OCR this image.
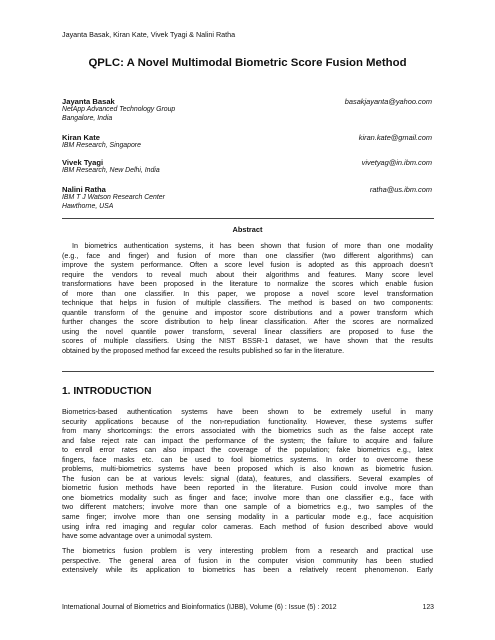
Jayanta Basak, Kiran Kate, Vivek Tyagi & Nalini Ratha
QPLC: A Novel Multimodal Biometric Score Fusion Method
Jayanta Basak	basakjayanta@yahoo.com
NetApp Advanced Technology Group
Bangalore, India
Kiran Kate	kiran.kate@gmail.com
IBM Research, Singapore
Vivek Tyagi	vivetyag@in.ibm.com
IBM Research, New Delhi, India
Nalini Ratha	ratha@us.ibm.com
IBM T J Watson Research Center
Hawthorne, USA
Abstract
In biometrics authentication systems, it has been shown that fusion of more than one modality
(e.g., face and finger) and fusion of more than one classifier (two different algorithms) can
improve the system performance. Often a score level fusion is adopted as this approach doesn’t
require the vendors to reveal much about their algorithms and features. Many score level
transformations have been proposed in the literature to normalize the scores which enable fusion
of more than one classifier. In this paper, we propose a novel score level transformation
technique that helps in fusion of multiple classifiers. The method is based on two components:
quantile transform of the genuine and impostor score distributions and a power transform which
further changes the score distribution to help linear classification. After the scores are normalized
using the novel quantile power transform, several linear classifiers are proposed to fuse the
scores of multiple classifiers. Using the NIST BSSR-1 dataset, we have shown that the results
obtained by the proposed method far exceed the results published so far in the literature.
1. INTRODUCTION
Biometrics-based authentication systems have been shown to be extremely useful in many
security applications because of the non-repudiation functionality. However, these systems suffer
from many shortcomings: the errors associated with the biometrics such as the false accept rate
and false reject rate can impact the performance of the system; the failure to acquire and failure
to enroll error rates can also impact the coverage of the population; fake biometrics e.g., latex
fingers, face masks etc. can be used to fool biometrics systems. In order to overcome these
problems, multi-biometrics systems have been proposed which is also known as biometric fusion.
The fusion can be at various levels: signal (data), features, and classifiers. Several examples of
biometric fusion methods have been reported in the literature. Fusion could involve more than
one biometrics modality such as finger and face; involve more than one classifier e.g., face with
two different matchers; involve more than one sample of a biometrics e.g., two samples of the
same finger; involve more than one sensing modality in a particular mode e.g., face acquisition
using infra red imaging and regular color cameras. Each method of fusion described above would
have some advantage over a unimodal system.
The biometrics fusion problem is very interesting problem from a research and practical use
perspective. The general area of fusion in the computer vision community has been studied
extensively while its application to biometrics has been a relatively recent phenomenon. Early
International Journal of Biometrics and Bioinformatics (IJBB), Volume (6) : Issue (5) : 2012	123
